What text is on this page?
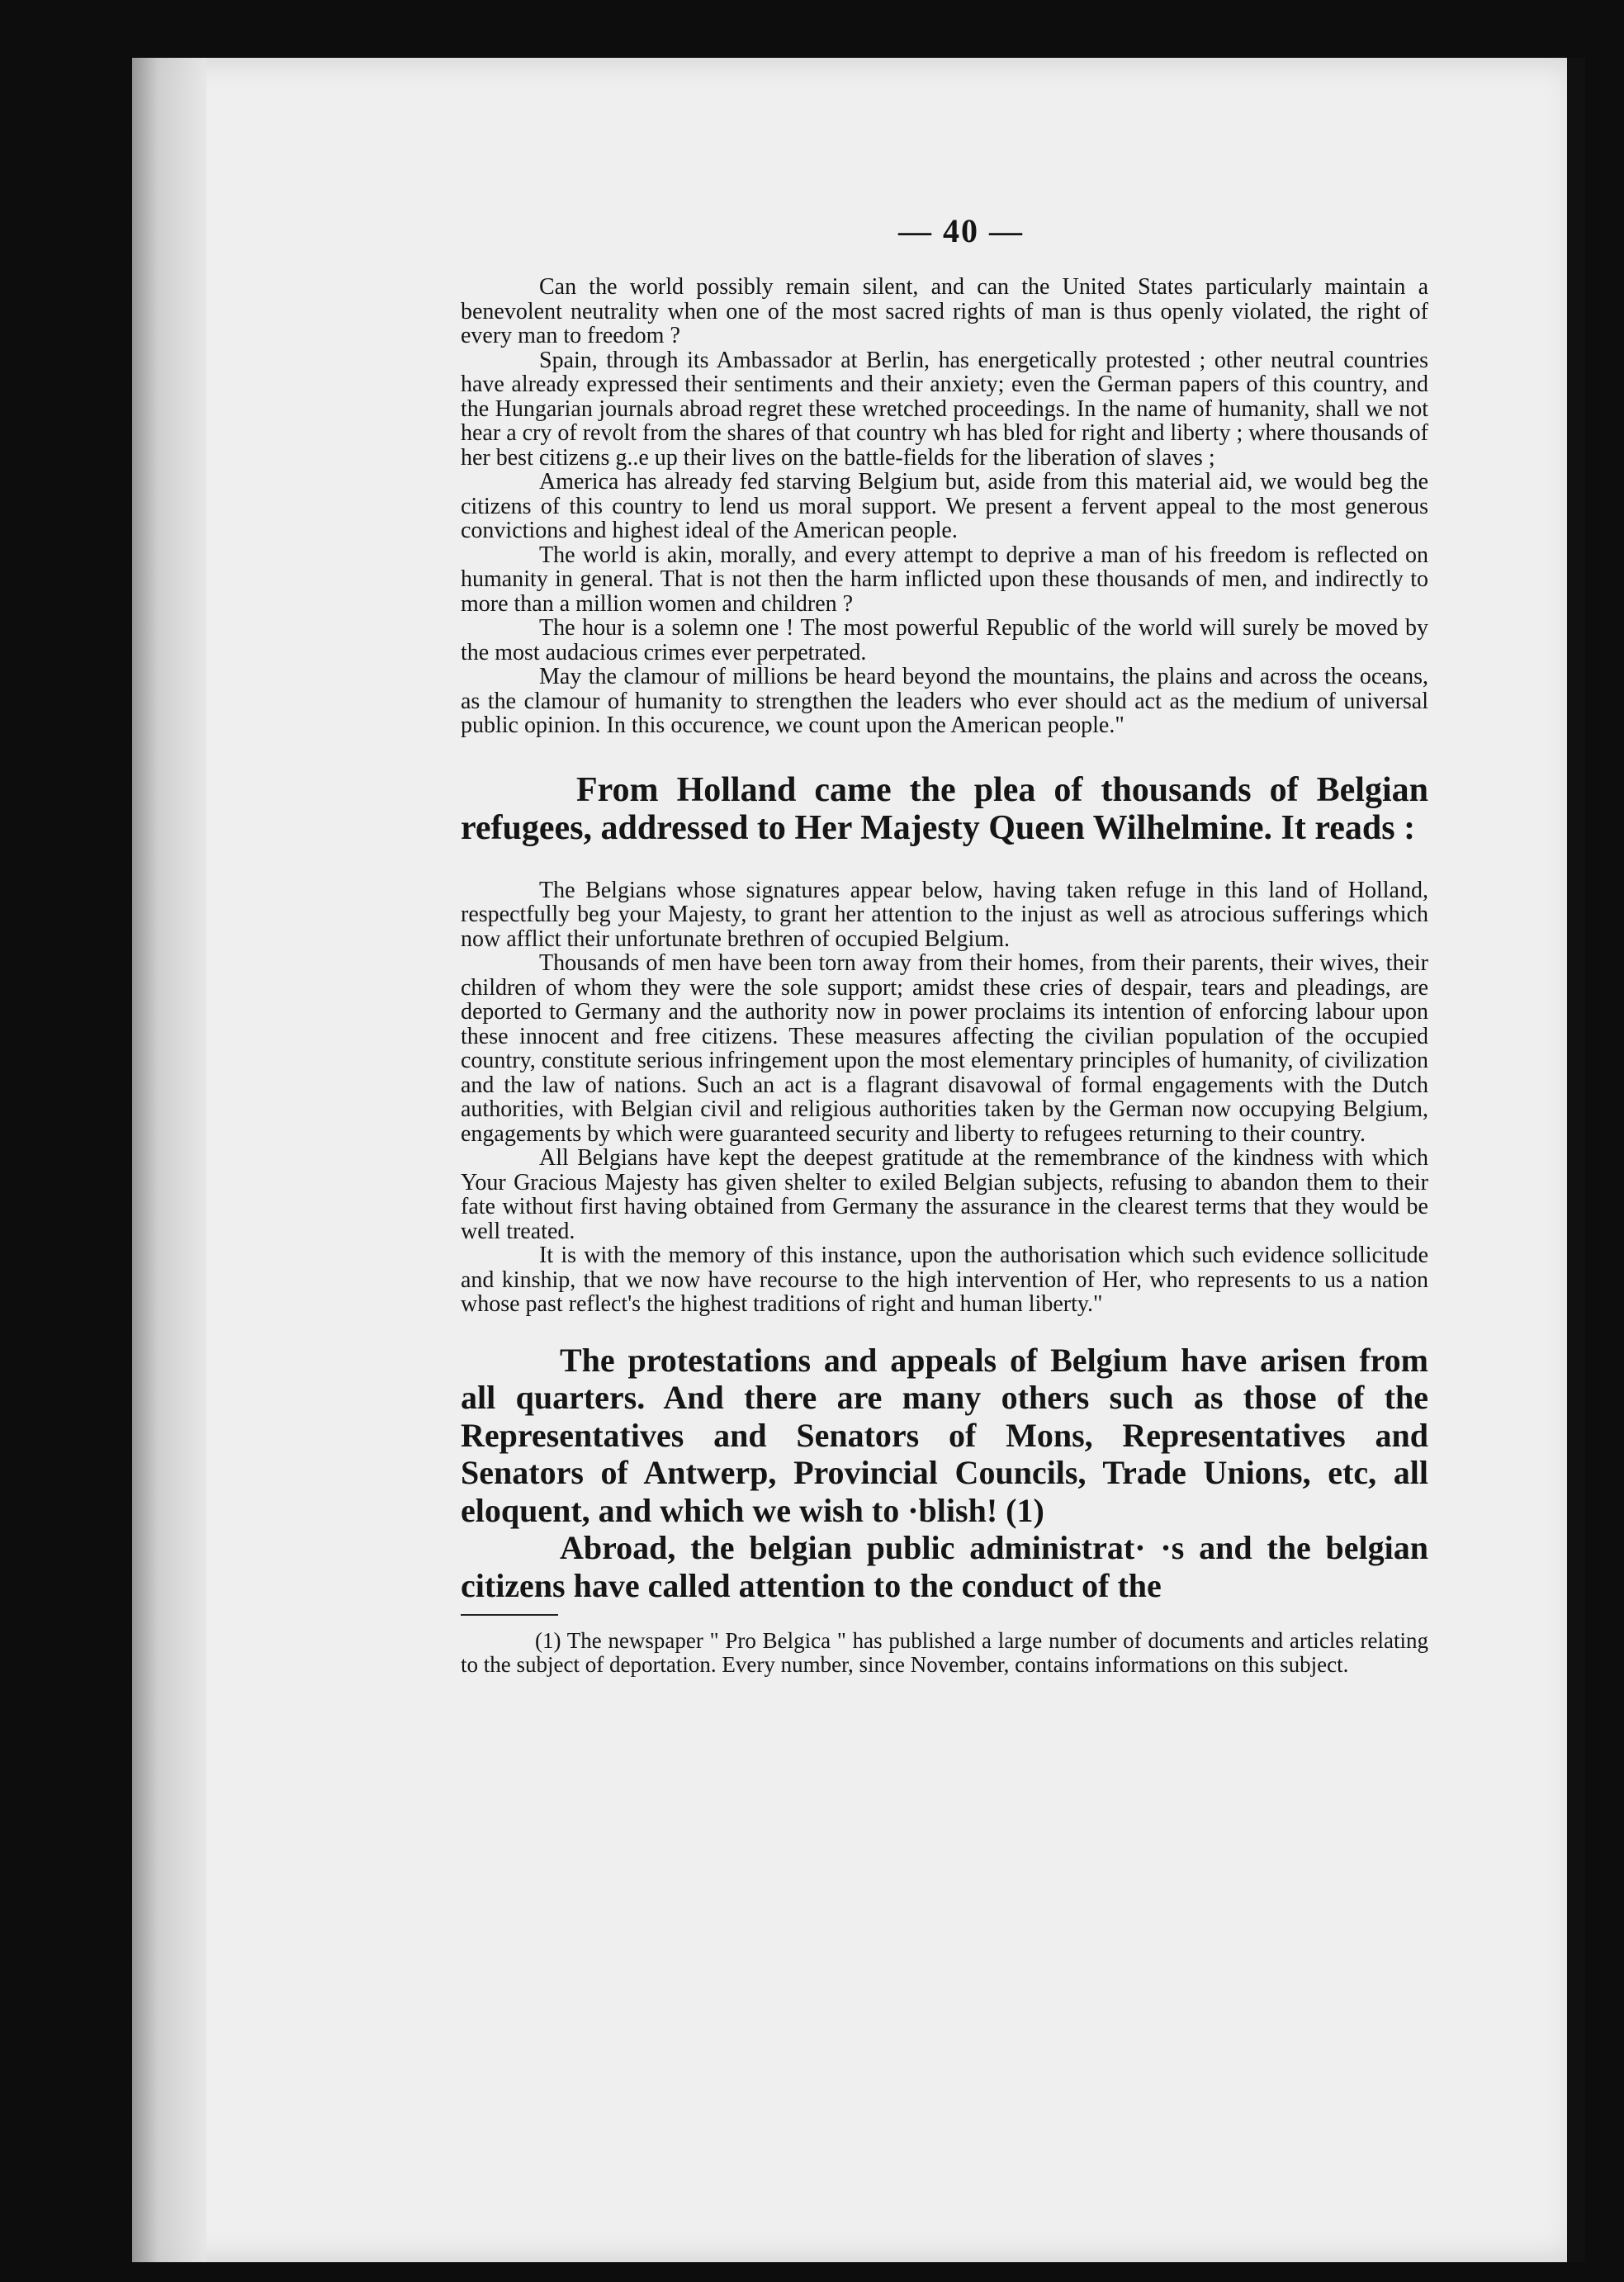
— 40 —

Can the world possibly remain silent, and can the United States particularly maintain a benevolent neutrality when one of the most sacred rights of man is thus openly violated, the right of every man to freedom ?

Spain, through its Ambassador at Berlin, has energetically protested ; other neutral countries have already expressed their sentiments and their anxiety; even the German papers of this country, and the Hungarian journals abroad regret these wretched proceedings. In the name of humanity, shall we not hear a cry of revolt from the shares of that country wh has bled for right and liberty ; where thousands of her best citizens g..e up their lives on the battle-fields for the liberation of slaves ;

America has already fed starving Belgium but, aside from this material aid, we would beg the citizens of this country to lend us moral support. We present a fervent appeal to the most generous convictions and highest ideal of the American people.

The world is akin, morally, and every attempt to deprive a man of his freedom is reflected on humanity in general. That is not then the harm inflicted upon these thousands of men, and indirectly to more than a million women and children ?

The hour is a solemn one ! The most powerful Republic of the world will surely be moved by the most audacious crimes ever perpetrated.

May the clamour of millions be heard beyond the mountains, the plains and across the oceans, as the clamour of humanity to strengthen the leaders who ever should act as the medium of universal public opinion. In this occurence, we count upon the American people."

From Holland came the plea of thousands of Belgian refugees, addressed to Her Majesty Queen Wilhelmine. It reads :

The Belgians whose signatures appear below, having taken refuge in this land of Holland, respectfully beg your Majesty, to grant her attention to the injust as well as atrocious sufferings which now afflict their unfortunate brethren of occupied Belgium.

Thousands of men have been torn away from their homes, from their parents, their wives, their children of whom they were the sole support; amidst these cries of despair, tears and pleadings, are deported to Germany and the authority now in power proclaims its intention of enforcing labour upon these innocent and free citizens. These measures affecting the civilian population of the occupied country, constitute serious infringement upon the most elementary principles of humanity, of civilization and the law of nations. Such an act is a flagrant disavowal of formal engagements with the Dutch authorities, with Belgian civil and religious authorities taken by the German now occupying Belgium, engagements by which were guaranteed security and liberty to refugees returning to their country.

All Belgians have kept the deepest gratitude at the remembrance of the kindness with which Your Gracious Majesty has given shelter to exiled Belgian subjects, refusing to abandon them to their fate without first having obtained from Germany the assurance in the clearest terms that they would be well treated.

It is with the memory of this instance, upon the authorisation which such evidence sollicitude and kinship, that we now have recourse to the high intervention of Her, who represents to us a nation whose past reflect's the highest traditions of right and human liberty."

The protestations and appeals of Belgium have arisen from all quarters. And there are many others such as those of the Representatives and Senators of Mons, Representatives and Senators of Antwerp, Provincial Councils, Trade Unions, etc, all eloquent, and which we wish to ·blish! (1)

Abroad, the belgian public administrat· ·s and the belgian citizens have called attention to the conduct of the

(1) The newspaper " Pro Belgica " has published a large number of documents and articles relating to the subject of deportation. Every number, since November, contains informations on this subject.
